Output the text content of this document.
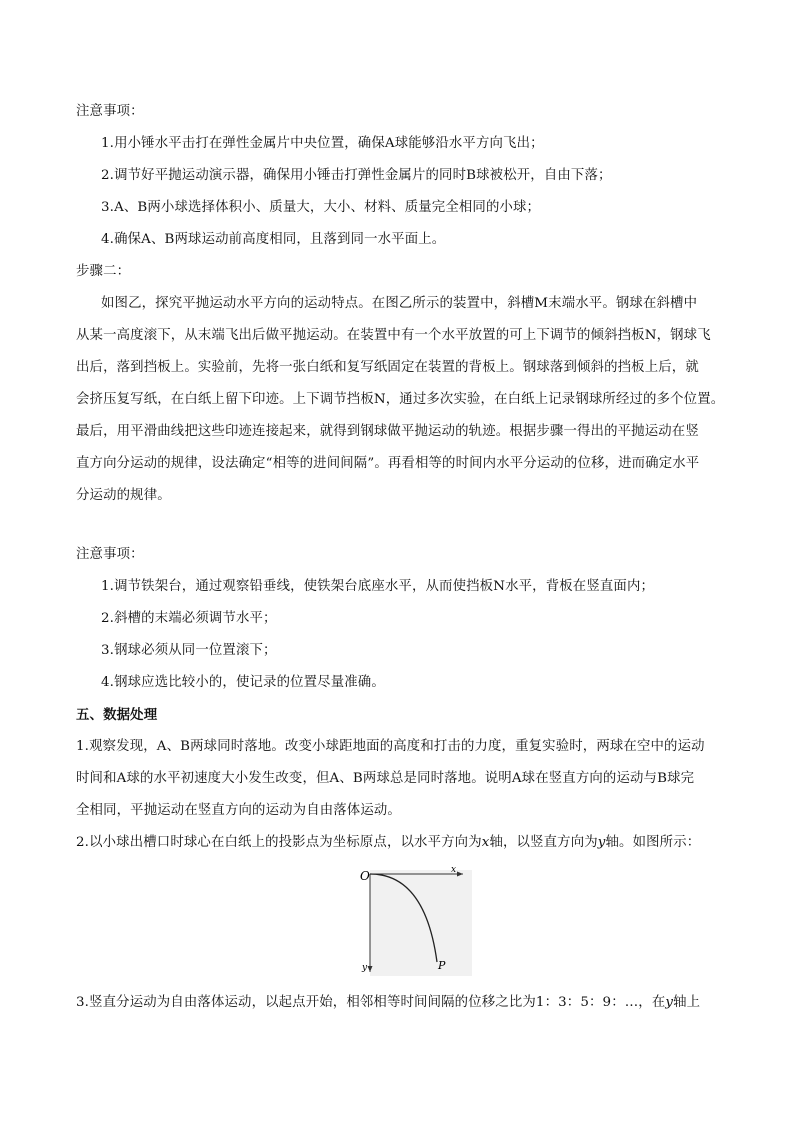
注意事项：
1.用小锤水平击打在弹性金属片中央位置，确保A球能够沿水平方向飞出；
2.调节好平抛运动演示器，确保用小锤击打弹性金属片的同时B球被松开，自由下落；
3.A、B两小球选择体积小、质量大，大小、材料、质量完全相同的小球；
4.确保A、B两球运动前高度相同，且落到同一水平面上。
步骤二：
如图乙，探究平抛运动水平方向的运动特点。在图乙所示的装置中，斜槽M末端水平。钢球在斜槽中
从某一高度滚下，从末端飞出后做平抛运动。在装置中有一个水平放置的可上下调节的倾斜挡板N，钢球飞
出后，落到挡板上。实验前，先将一张白纸和复写纸固定在装置的背板上。钢球落到倾斜的挡板上后，就
会挤压复写纸，在白纸上留下印迹。上下调节挡板N，通过多次实验，在白纸上记录钢球所经过的多个位置。
最后，用平滑曲线把这些印迹连接起来，就得到钢球做平抛运动的轨迹。根据步骤一得出的平抛运动在竖
直方向分运动的规律，设法确定“相等的进间间隔”。再看相等的时间内水平分运动的位移，进而确定水平
分运动的规律。
注意事项：
1.调节铁架台，通过观察铅垂线，使铁架台底座水平，从而使挡板N水平，背板在竖直面内；
2.斜槽的末端必须调节水平；
3.钢球必须从同一位置滚下；
4.钢球应选比较小的，使记录的位置尽量准确。
五、数据处理
1.观察发现，A、B两球同时落地。改变小球距地面的高度和打击的力度，重复实验时，两球在空中的运动
时间和A球的水平初速度大小发生改变，但A、B两球总是同时落地。说明A球在竖直方向的运动与B球完
全相同，平抛运动在竖直方向的运动为自由落体运动。
2.以小球出槽口时球心在白纸上的投影点为坐标原点，以水平方向为x轴，以竖直方向为y轴。如图所示：
O	x
y	P
3.竖直分运动为自由落体运动，以起点开始，相邻相等时间间隔的位移之比为1：3：5：9：…，在y轴上
